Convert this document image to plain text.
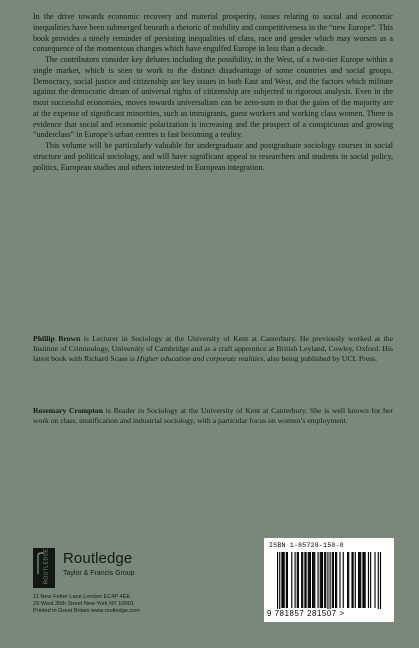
In the drive towards economic recovery and material prosperity, issues relating to social and economic inequalities have been submerged beneath a rhetoric of mobility and competitiveness in the “new Europe”. This book provides a timely reminder of persisting inequalities of class, race and gender which may worsen as a consequence of the momentous changes which have engulfed Europe in less than a decade.

The contributors consider key debates including the possibility, in the West, of a two-tier Europe within a single market, which is seen to work to the distinct disadvantage of some countries and social groups. Democracy, social justice and citizenship are key issues in both East and West, and the factors which militate against the democratic dream of universal rights of citizenship are subjected to rigorous analysis. Even in the most successful economies, moves towards universalism can be zero-sum in that the gains of the majority are at the expense of significant minorities, such as immigrants, guest workers and working class women. There is evidence that social and economic polarization is increasing and the prospect of a conspicuous and growing “underclass” in Europe’s urban centres is fast becoming a reality.

This volume will be particularly valuable for undergraduate and postgraduate sociology courses in social structure and political sociology, and will have significant appeal to researchers and students in social policy, politics, European studies and others interested in European integration.

Phillip Brown is Lecturer in Sociology at the University of Kent at Canterbury. He previously worked at the Institute of Criminology, University of Cambridge and as a craft apprentice at British Leyland, Cowley, Oxford. His latest book with Richard Scase is Higher education and corporate realities, also being published by UCL Press.

Rosemary Crompton is Reader in Sociology at the University of Kent at Canterbury. She is well known for her work on class, stratification and industrial sociology, with a particular focus on women’s employment.

ROUTLEDGE Routledge
Taylor & Francis Group
11 New Fetter Lane London EC4P 4EE
29 West 35th Street New York NY 10001
Printed in Great Britain www.routledge.com
ISBN 1-85728-150-0
9 781857 281507 >
